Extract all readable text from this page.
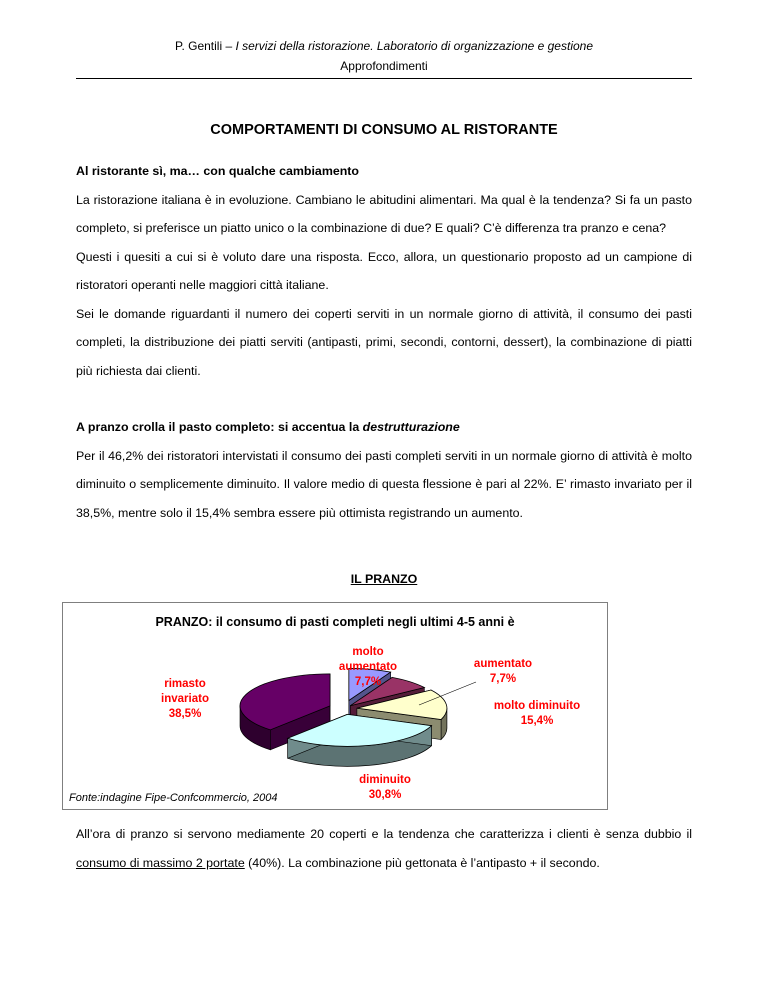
P. Gentili – I servizi della ristorazione. Laboratorio di organizzazione e gestione
Approfondimenti
COMPORTAMENTI DI CONSUMO AL RISTORANTE

Al ristorante sì, ma… con qualche cambiamento

La ristorazione italiana è in evoluzione. Cambiano le abitudini alimentari. Ma qual è la tendenza? Si fa un pasto completo, si preferisce un piatto unico o la combinazione di due? E quali? C’è differenza tra pranzo e cena?

Questi i quesiti a cui si è voluto dare una risposta. Ecco, allora, un questionario proposto ad un campione di ristoratori operanti nelle maggiori città italiane.

Sei le domande riguardanti il numero dei coperti serviti in un normale giorno di attività, il consumo dei pasti completi, la distribuzione dei piatti serviti (antipasti, primi, secondi, contorni, dessert), la combinazione di piatti più richiesta dai clienti.

A pranzo crolla il pasto completo: si accentua la destrutturazione

Per il 46,2% dei ristoratori intervistati il consumo dei pasti completi serviti in un normale giorno di attività è molto diminuito o semplicemente diminuito. Il valore medio di questa flessione è pari al 22%. E’ rimasto invariato per il 38,5%, mentre solo il 15,4% sembra essere più ottimista registrando un aumento.

IL PRANZO
PRANZO: il consumo di pasti completi negli ultimi 4-5 anni è
molto
aumentato
7,7%
aumentato
7,7%
molto diminuito
15,4%
diminuito
30,8%
rimasto
invariato
38,5%
Fonte:indagine Fipe-Confcommercio, 2004

All’ora di pranzo si servono mediamente 20 coperti e la tendenza che caratterizza i clienti è senza dubbio il consumo di massimo 2 portate (40%). La combinazione più gettonata è l’antipasto + il secondo.
